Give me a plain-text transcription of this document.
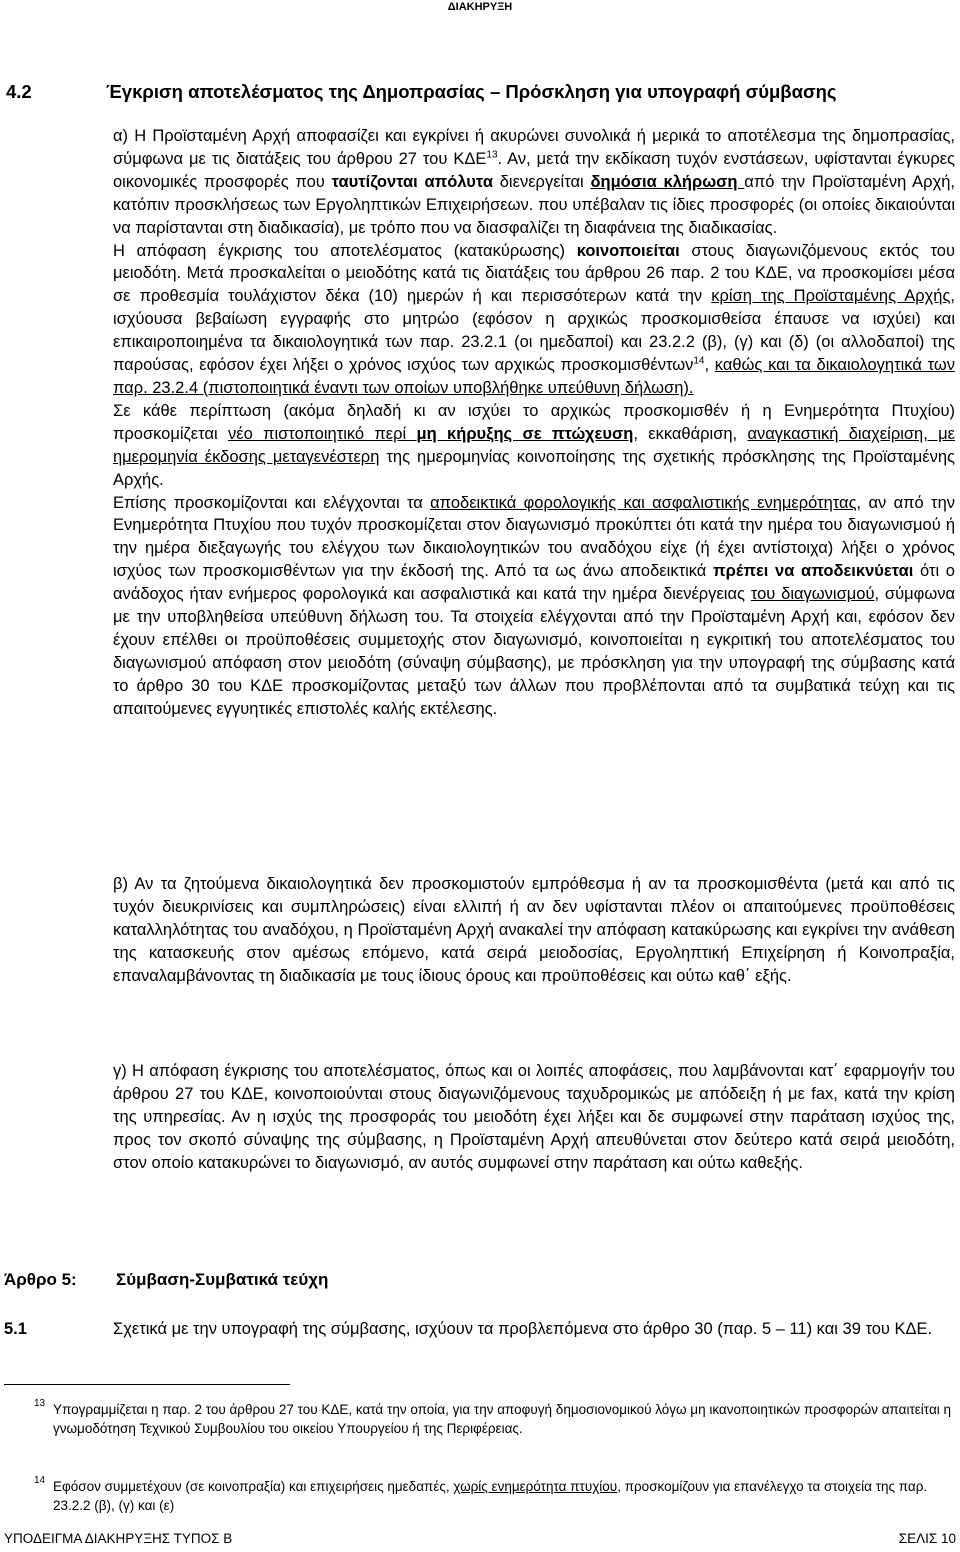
ΔΙΑΚΗΡΥΞΗ
4.2	Έγκριση αποτελέσματος της Δημοπρασίας – Πρόσκληση για υπογραφή σύμβασης

α) Η Προϊσταμένη Αρχή αποφασίζει και εγκρίνει ή ακυρώνει συνολικά ή μερικά το αποτέλεσμα της δημοπρασίας, σύμφωνα με τις διατάξεις του άρθρου 27 του ΚΔΕ$^{13}$. Αν, μετά την εκδίκαση τυχόν ενστάσεων, υφίστανται έγκυρες οικονομικές προσφορές που ταυτίζονται απόλυτα διενεργείται δημόσια κλήρωση από την Προϊσταμένη Αρχή, κατόπιν προσκλήσεως των Εργοληπτικών Επιχειρήσεων. που υπέβαλαν τις ίδιες προσφορές (οι οποίες δικαιούνται να παρίστανται στη διαδικασία), με τρόπο που να διασφαλίζει τη διαφάνεια της διαδικασίας.

Η απόφαση έγκρισης του αποτελέσματος (κατακύρωσης) κοινοποιείται στους διαγωνιζόμενους εκτός του μειοδότη. Μετά προσκαλείται ο μειοδότης κατά τις διατάξεις του άρθρου 26 παρ. 2 του ΚΔΕ, να προσκομίσει μέσα σε προθεσμία τουλάχιστον δέκα (10) ημερών ή και περισσότερων κατά την κρίση της Προϊσταμένης Αρχής, ισχύουσα βεβαίωση εγγραφής στο μητρώο (εφόσον η αρχικώς προσκομισθείσα έπαυσε να ισχύει) και επικαιροποιημένα τα δικαιολογητικά των παρ. 23.2.1 (οι ημεδαποί) και 23.2.2 (β), (γ) και (δ) (οι αλλοδαποί) της παρούσας, εφόσον έχει λήξει ο χρόνος ισχύος των αρχικώς προσκομισθέντων$^{14}$, καθώς και τα δικαιολογητικά των παρ. 23.2.4 (πιστοποιητικά έναντι των οποίων υποβλήθηκε υπεύθυνη δήλωση).

Σε κάθε περίπτωση (ακόμα δηλαδή κι αν ισχύει το αρχικώς προσκομισθέν ή η Ενημερότητα Πτυχίου) προσκομίζεται νέο πιστοποιητικό περί μη κήρυξης σε πτώχευση, εκκαθάριση, αναγκαστική διαχείριση, με ημερομηνία έκδοσης μεταγενέστερη της ημερομηνίας κοινοποίησης της σχετικής πρόσκλησης της Προϊσταμένης Αρχής.

Επίσης προσκομίζονται και ελέγχονται τα αποδεικτικά φορολογικής και ασφαλιστικής ενημερότητας, αν από την Ενημερότητα Πτυχίου που τυχόν προσκομίζεται στον διαγωνισμό προκύπτει ότι κατά την ημέρα του διαγωνισμού ή την ημέρα διεξαγωγής του ελέγχου των δικαιολογητικών του αναδόχου είχε (ή έχει αντίστοιχα) λήξει ο χρόνος ισχύος των προσκομισθέντων για την έκδοσή της. Από τα ως άνω αποδεικτικά πρέπει να αποδεικνύεται ότι ο ανάδοχος ήταν ενήμερος φορολογικά και ασφαλιστικά και κατά την ημέρα διενέργειας του διαγωνισμού, σύμφωνα με την υποβληθείσα υπεύθυνη δήλωση του. Τα στοιχεία ελέγχονται από την Προϊσταμένη Αρχή και, εφόσον δεν έχουν επέλθει οι προϋποθέσεις συμμετοχής στον διαγωνισμό, κοινοποιείται η εγκριτική του αποτελέσματος του διαγωνισμού απόφαση στον μειοδότη (σύναψη σύμβασης), με πρόσκληση για την υπογραφή της σύμβασης κατά το άρθρο 30 του ΚΔΕ προσκομίζοντας μεταξύ των άλλων που προβλέπονται από τα συμβατικά τεύχη και τις απαιτούμενες εγγυητικές επιστολές καλής εκτέλεσης.

β) Αν τα ζητούμενα δικαιολογητικά δεν προσκομιστούν εμπρόθεσμα ή αν τα προσκομισθέντα (μετά και από τις τυχόν διευκρινίσεις και συμπληρώσεις) είναι ελλιπή ή αν δεν υφίστανται πλέον οι απαιτούμενες προϋποθέσεις καταλληλότητας του αναδόχου, η Προϊσταμένη Αρχή ανακαλεί την απόφαση κατακύρωσης και εγκρίνει την ανάθεση της κατασκευής στον αμέσως επόμενο, κατά σειρά μειοδοσίας, Εργοληπτική Επιχείρηση ή Κοινοπραξία, επαναλαμβάνοντας τη διαδικασία με τους ίδιους όρους και προϋποθέσεις και ούτω καθ΄ εξής.

γ) Η απόφαση έγκρισης του αποτελέσματος, όπως και οι λοιπές αποφάσεις, που λαμβάνονται κατ΄ εφαρμογήν του άρθρου 27 του ΚΔΕ, κοινοποιούνται στους διαγωνιζόμενους ταχυδρομικώς με απόδειξη ή με fax, κατά την κρίση της υπηρεσίας. Αν η ισχύς της προσφοράς του μειοδότη έχει λήξει και δε συμφωνεί στην παράταση ισχύος της, προς τον σκοπό σύναψης της σύμβασης, η Προϊσταμένη Αρχή απευθύνεται στον δεύτερο κατά σειρά μειοδότη, στον οποίο κατακυρώνει το διαγωνισμό, αν αυτός συμφωνεί στην παράταση και ούτω καθεξής.

Άρθρο 5: Σύμβαση-Συμβατικά τεύχη
5.1	Σχετικά με την υπογραφή της σύμβασης, ισχύουν τα προβλεπόμενα στο άρθρο 30 (παρ. 5 – 11) και 39 του ΚΔΕ.
13 Υπογραμμίζεται η παρ. 2 του άρθρου 27 του ΚΔΕ, κατά την οποία, για την αποφυγή δημοσιονομικού λόγω μη ικανοποιητικών προσφορών απαιτείται η γνωμοδότηση Τεχνικού Συμβουλίου του οικείου Υπουργείου ή της Περιφέρειας.
14 Εφόσον συμμετέχουν (σε κοινοπραξία) και επιχειρήσεις ημεδαπές, χωρίς ενημερότητα πτυχίου, προσκομίζουν για επανέλεγχο τα στοιχεία της παρ. 23.2.2 (β), (γ) και (ε)
ΥΠΟΔΕΙΓΜΑ ΔΙΑΚΗΡΥΞΗΣ ΤΥΠΟΣ Β	ΣΕΛΙΣ 10
